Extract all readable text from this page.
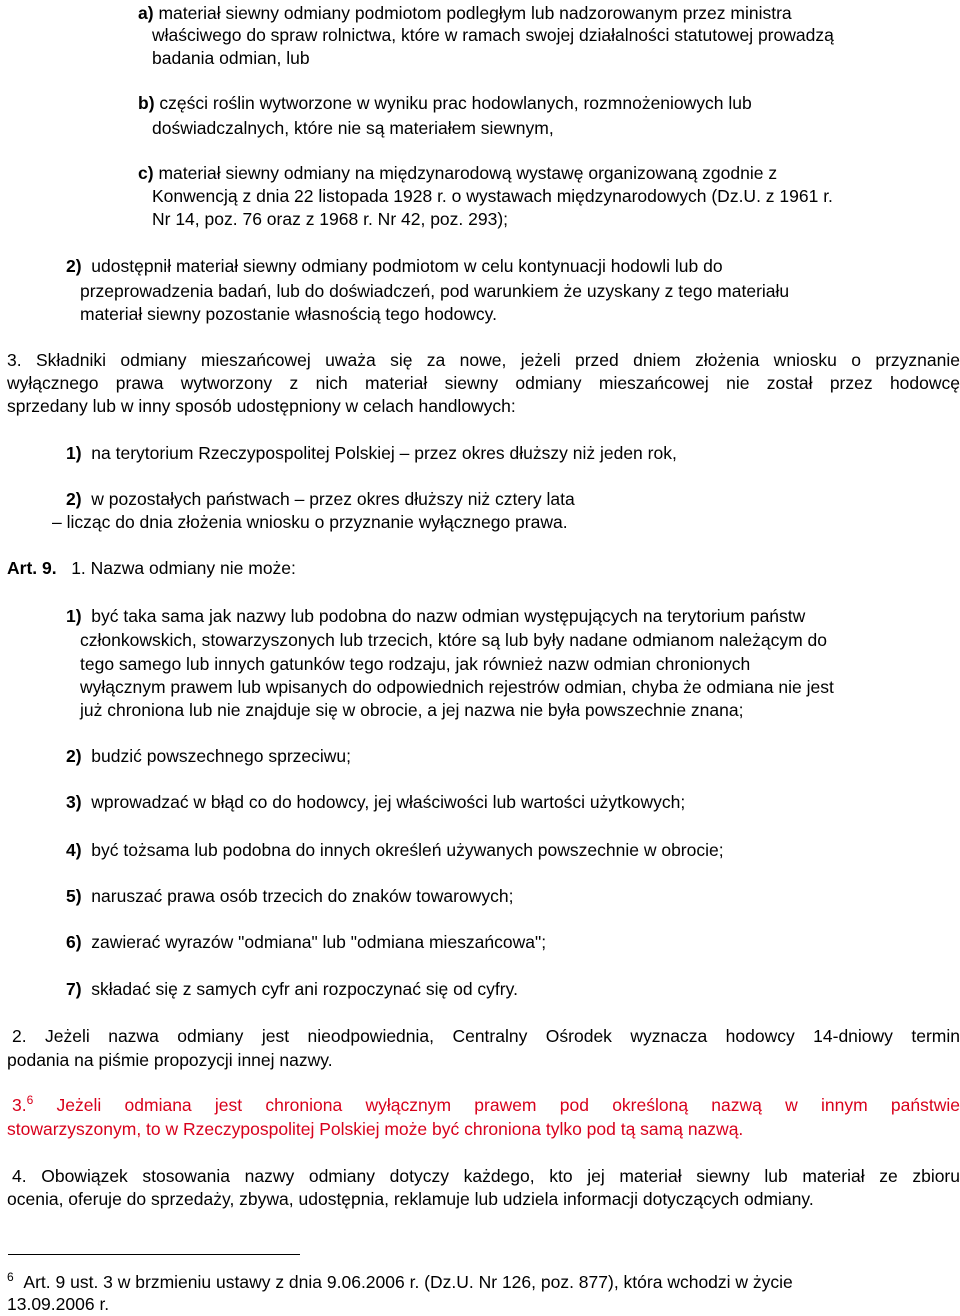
a) materiał siewny odmiany podmiotom podległym lub nadzorowanym przez ministra
właściwego do spraw rolnictwa, które w ramach swojej działalności statutowej prowadzą
badania odmian, lub
b) części roślin wytworzone w wyniku prac hodowlanych, rozmnożeniowych lub
doświadczalnych, które nie są materiałem siewnym,
c) materiał siewny odmiany na międzynarodową wystawę organizowaną zgodnie z
Konwencją z dnia 22 listopada 1928 r. o wystawach międzynarodowych (Dz.U. z 1961 r.
Nr 14, poz. 76 oraz z 1968 r. Nr 42, poz. 293);
2) udostępnił materiał siewny odmiany podmiotom w celu kontynuacji hodowli lub do
przeprowadzenia badań, lub do doświadczeń, pod warunkiem że uzyskany z tego materiału
materiał siewny pozostanie własnością tego hodowcy.
3. Składniki odmiany mieszańcowej uważa się za nowe, jeżeli przed dniem złożenia wniosku o przyznanie
wyłącznego prawa wytworzony z nich materiał siewny odmiany mieszańcowej nie został przez hodowcę
sprzedany lub w inny sposób udostępniony w celach handlowych:
1) na terytorium Rzeczypospolitej Polskiej – przez okres dłuższy niż jeden rok,
2) w pozostałych państwach – przez okres dłuższy niż cztery lata
– licząc do dnia złożenia wniosku o przyznanie wyłącznego prawa.
Art. 9. 1. Nazwa odmiany nie może:
1) być taka sama jak nazwy lub podobna do nazw odmian występujących na terytorium państw
członkowskich, stowarzyszonych lub trzecich, które są lub były nadane odmianom należącym do
tego samego lub innych gatunków tego rodzaju, jak również nazw odmian chronionych
wyłącznym prawem lub wpisanych do odpowiednich rejestrów odmian, chyba że odmiana nie jest
już chroniona lub nie znajduje się w obrocie, a jej nazwa nie była powszechnie znana;
2) budzić powszechnego sprzeciwu;
3) wprowadzać w błąd co do hodowcy, jej właściwości lub wartości użytkowych;
4) być tożsama lub podobna do innych określeń używanych powszechnie w obrocie;
5) naruszać prawa osób trzecich do znaków towarowych;
6) zawierać wyrazów "odmiana" lub "odmiana mieszańcowa";
7) składać się z samych cyfr ani rozpoczynać się od cyfry.
2. Jeżeli nazwa odmiany jest nieodpowiednia, Centralny Ośrodek wyznacza hodowcy 14-dniowy termin
podania na piśmie propozycji innej nazwy.
3.$^6$ Jeżeli odmiana jest chroniona wyłącznym prawem pod określoną nazwą w innym państwie
stowarzyszonym, to w Rzeczypospolitej Polskiej może być chroniona tylko pod tą samą nazwą.
4. Obowiązek stosowania nazwy odmiany dotyczy każdego, kto jej materiał siewny lub materiał ze zbioru
ocenia, oferuje do sprzedaży, zbywa, udostępnia, reklamuje lub udziela informacji dotyczących odmiany.
$^6$ Art. 9 ust. 3 w brzmieniu ustawy z dnia 9.06.2006 r. (Dz.U. Nr 126, poz. 877), która wchodzi w życie
13.09.2006 r.
